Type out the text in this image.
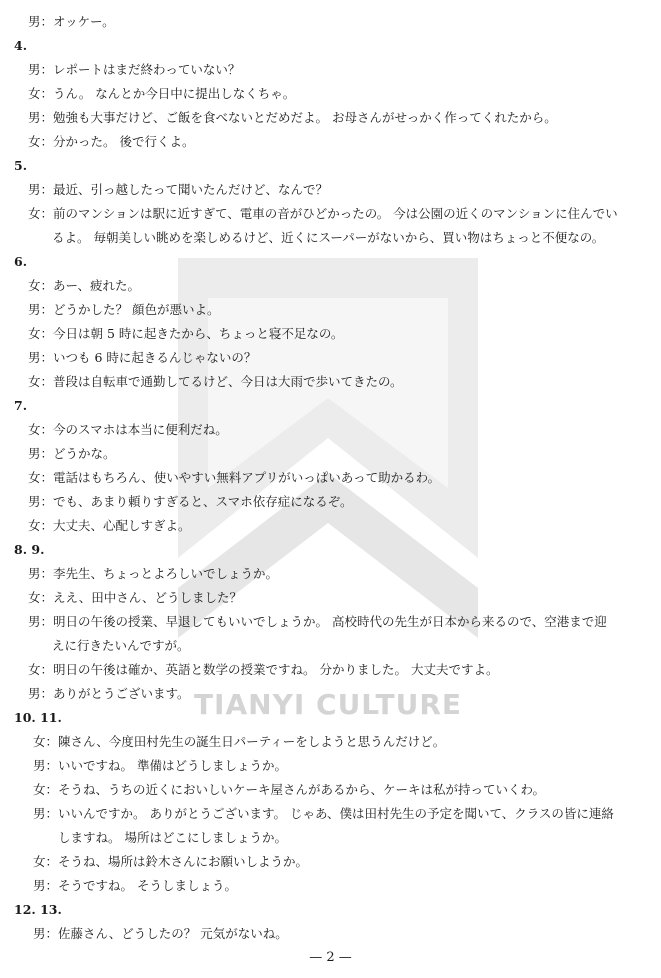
TIANYI CULTURE
男：オッケー。
4.
男：レポートはまだ終わっていない？
女：うん。 なんとか今日中に提出しなくちゃ。
男：勉強も大事だけど、ご飯を食べないとだめだよ。 お母さんがせっかく作ってくれたから。
女：分かった。 後で行くよ。
5.
男：最近、引っ越したって聞いたんだけど、なんで？
女：前のマンションは駅に近すぎて、電車の音がひどかったの。 今は公園の近くのマンションに住んでい
るよ。 毎朝美しい眺めを楽しめるけど、近くにスーパーがないから、買い物はちょっと不便なの。
6.
女：あー、疲れた。
男：どうかした？ 顔色が悪いよ。
女：今日は朝 5 時に起きたから、ちょっと寝不足なの。
男：いつも 6 時に起きるんじゃないの？
女：普段は自転車で通勤してるけど、今日は大雨で歩いてきたの。
7.
女：今のスマホは本当に便利だね。
男：どうかな。
女：電話はもちろん、使いやすい無料アプリがいっぱいあって助かるわ。
男：でも、あまり頼りすぎると、スマホ依存症になるぞ。
女：大丈夫、心配しすぎよ。
8. 9.
男：李先生、ちょっとよろしいでしょうか。
女：ええ、田中さん、どうしました？
男：明日の午後の授業、早退してもいいでしょうか。 高校時代の先生が日本から来るので、空港まで迎
えに行きたいんですが。
女：明日の午後は確か、英語と数学の授業ですね。 分かりました。 大丈夫ですよ。
男：ありがとうございます。
10. 11.
女：陳さん、今度田村先生の誕生日パーティーをしようと思うんだけど。
男：いいですね。 準備はどうしましょうか。
女：そうね、うちの近くにおいしいケーキ屋さんがあるから、ケーキは私が持っていくわ。
男：いいんですか。 ありがとうございます。 じゃあ、僕は田村先生の予定を聞いて、クラスの皆に連絡
しますね。 場所はどこにしましょうか。
女：そうね、場所は鈴木さんにお願いしようか。
男：そうですね。 そうしましょう。
12. 13.
男：佐藤さん、どうしたの？ 元気がないね。
— 2 —
